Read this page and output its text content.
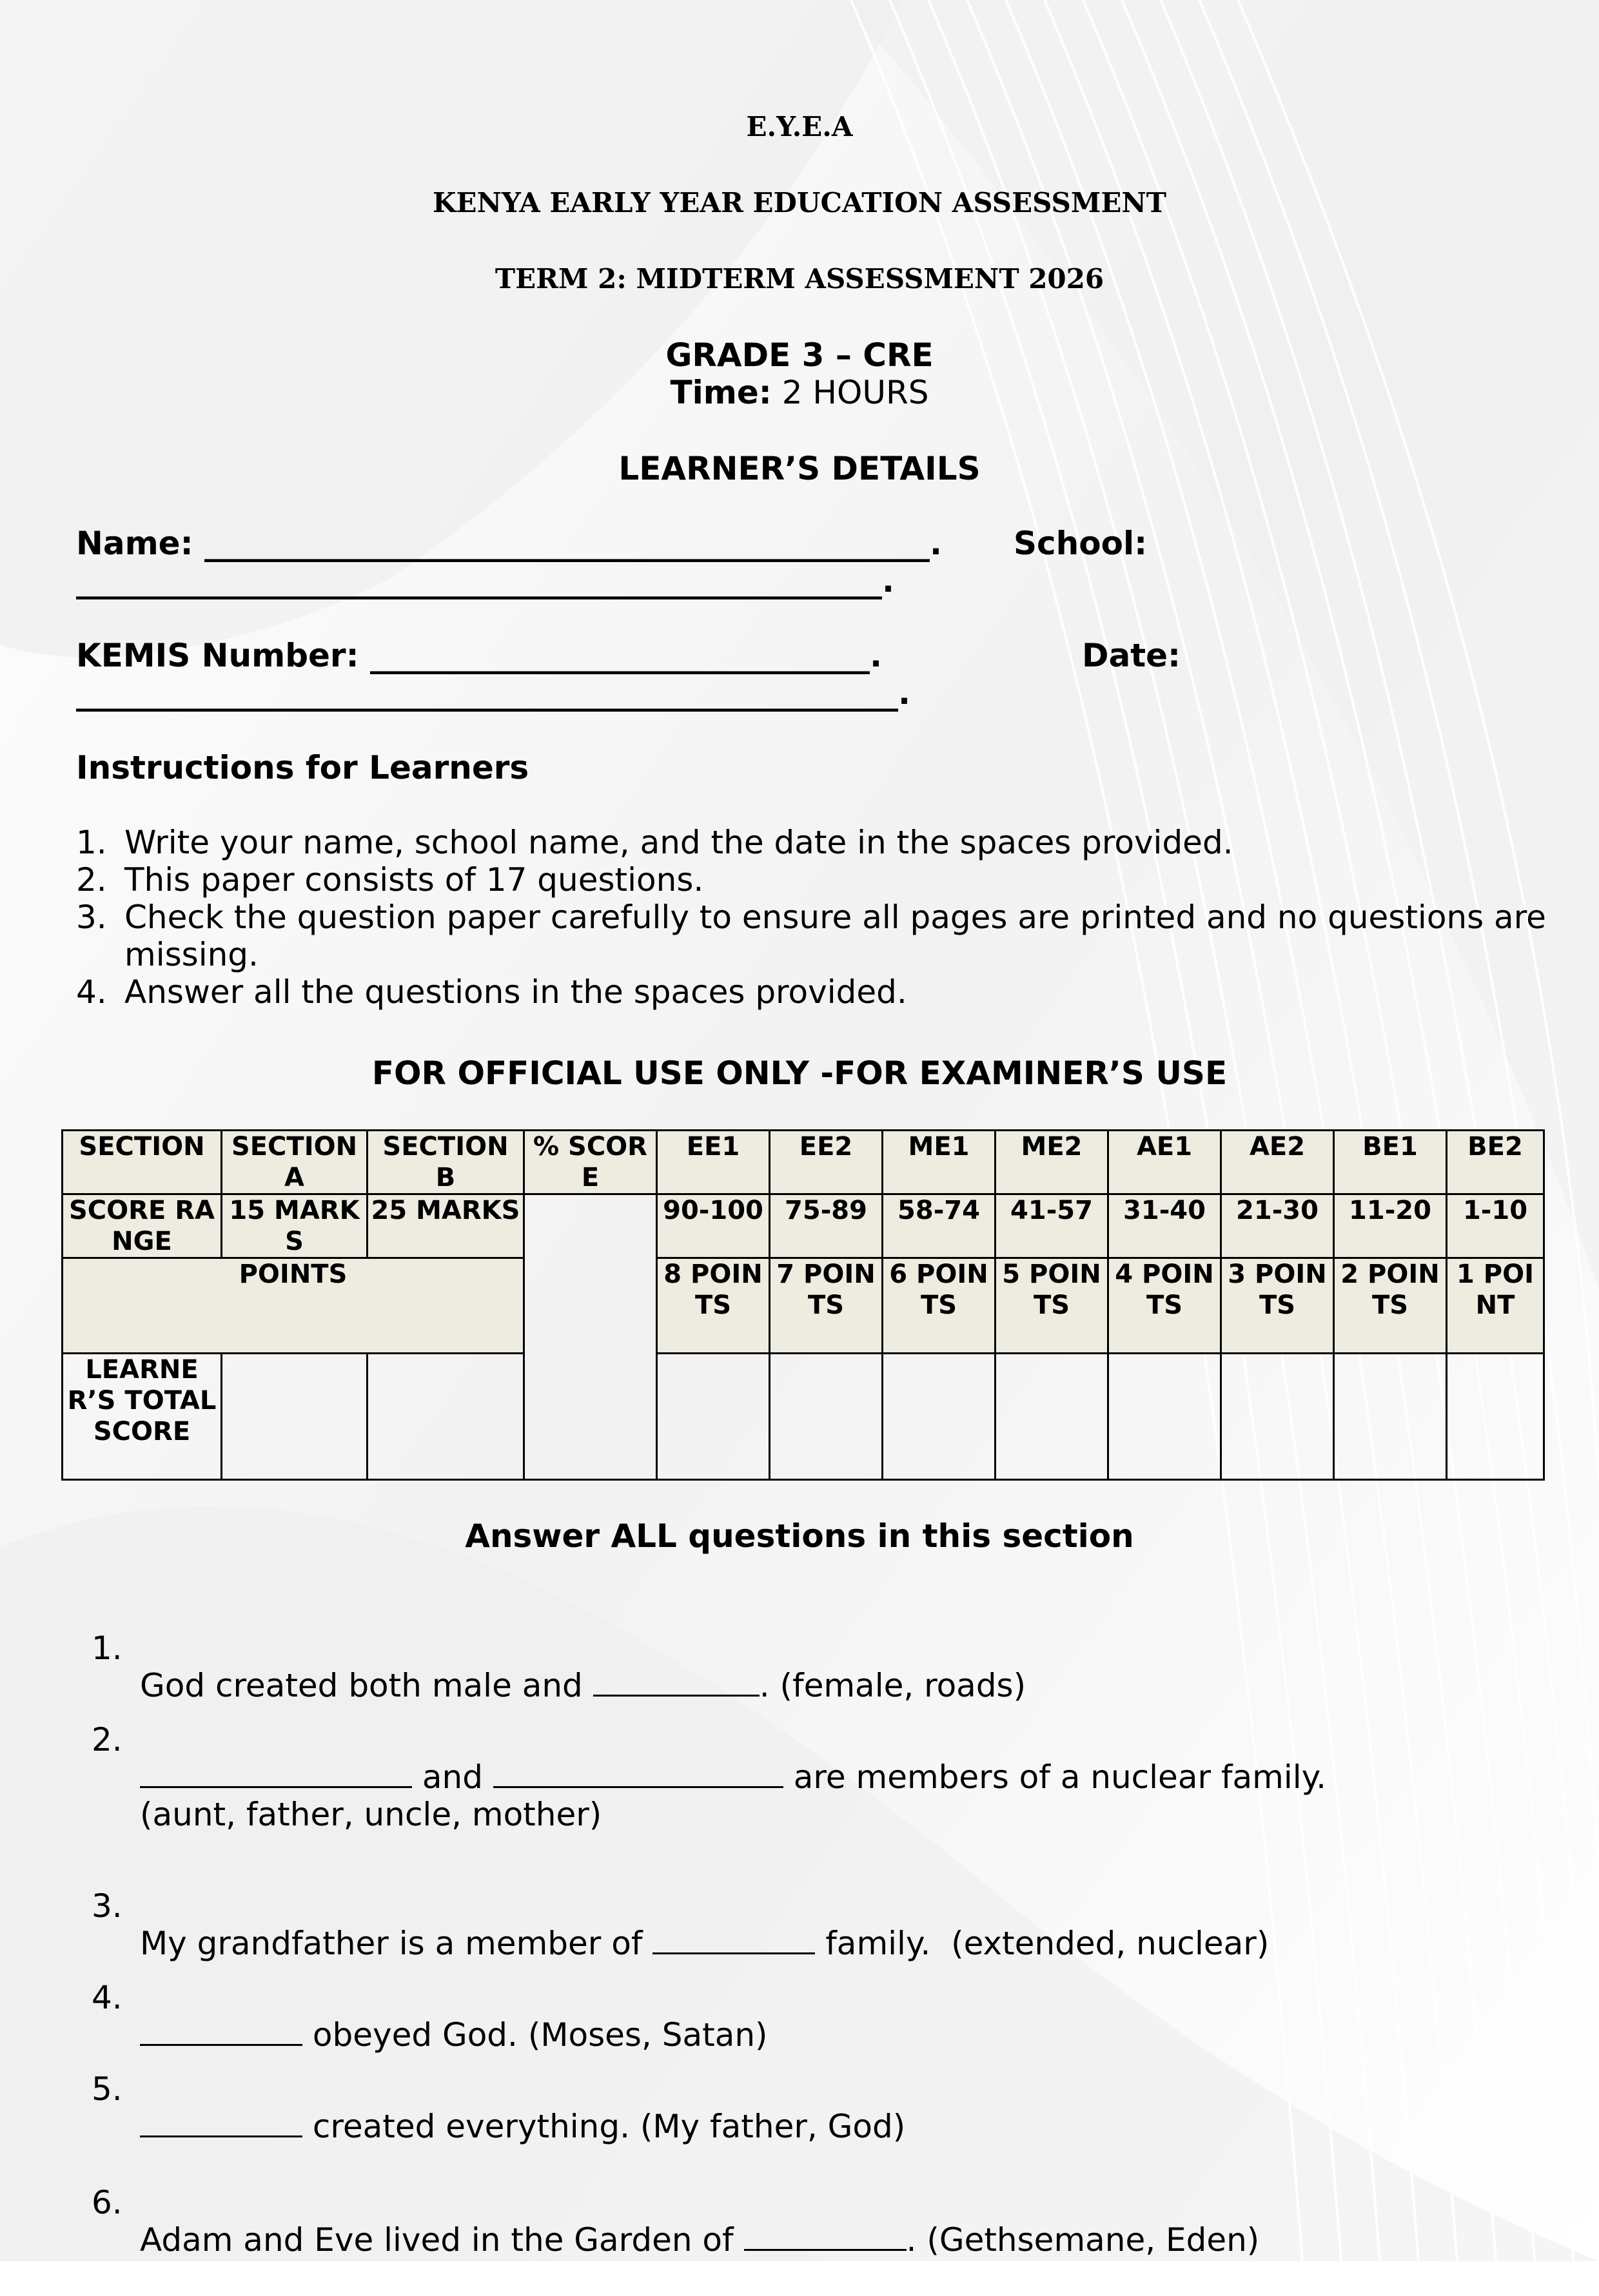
E.Y.E.A
KENYA EARLY YEAR EDUCATION ASSESSMENT
TERM 2: MIDTERM ASSESSMENT 2026
GRADE 3 – CRE
Time: 2 HOURS
LEARNER’S DETAILS
Name: _____________________________________________. School:
__________________________________________________.
KEMIS Number: _______________________________.	Date:
___________________________________________________.
Instructions for Learners
1. Write your name, school name, and the date in the spaces provided.
2. This paper consists of 17 questions.
3. Check the question paper carefully to ensure all pages are printed and no questions are missing.
4. Answer all the questions in the spaces provided.
FOR OFFICIAL USE ONLY -FOR EXAMINER’S USE
SECTION	SECTION A	SECTION B	% SCORE	EE1	EE2	ME1	ME2	AE1	AE2	BE1	BE2
SCORE RANGE	15 MARKS	25 MARKS		90-100	75-89	58-74	41-57	31-40	21-30	11-20	1-10
POINTS				8 POINTS	7 POINTS	6 POINTS	5 POINTS	4 POINTS	3 POINTS	2 POINTS	1 POINT
LEARNER’S TOTAL SCORE											
Answer ALL questions in this section

1.

God created both male and	. (female, roads)

2.

and	are members of a nuclear family.

(aunt, father, uncle, mother)

3.

My grandfather is a member of	family.  (extended, nuclear)

4.

obeyed God. (Moses, Satan)

5.

created everything. (My father, God)

6.

Adam and Eve lived in the Garden of	. (Gethsemane, Eden)
